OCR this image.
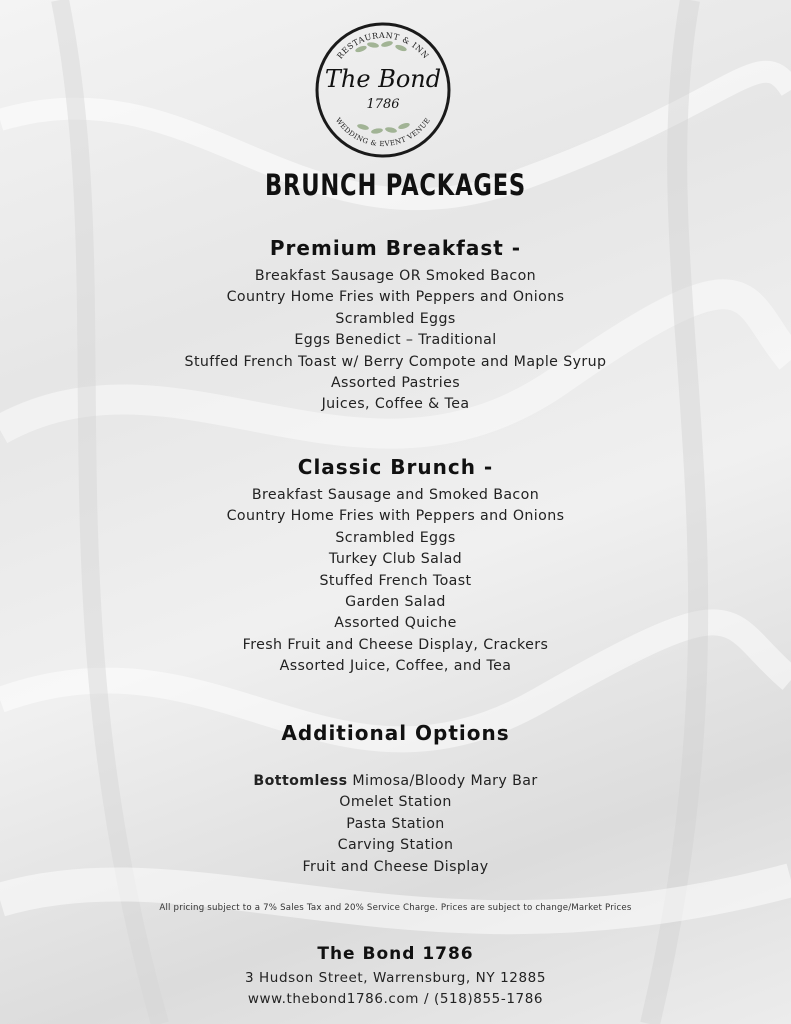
RESTAURANT & INN
WEDDING & EVENT VENUE
The Bond
1786
BRUNCH PACKAGES
Premium Breakfast -
Breakfast Sausage OR Smoked Bacon
Country Home Fries with Peppers and Onions
Scrambled Eggs
Eggs Benedict – Traditional
Stuffed French Toast w/ Berry Compote and Maple Syrup
Assorted Pastries
Juices, Coffee & Tea
Classic Brunch -
Breakfast Sausage and Smoked Bacon
Country Home Fries with Peppers and Onions
Scrambled Eggs
Turkey Club Salad
Stuffed French Toast
Garden Salad
Assorted Quiche
Fresh Fruit and Cheese Display, Crackers
Assorted Juice, Coffee, and Tea
Additional Options
Bottomless Mimosa/Bloody Mary Bar
Omelet Station
Pasta Station
Carving Station
Fruit and Cheese Display
All pricing subject to a 7% Sales Tax and 20% Service Charge. Prices are subject to change/Market Prices
The Bond 1786
3 Hudson Street, Warrensburg, NY 12885
www.thebond1786.com / (518)855-1786
